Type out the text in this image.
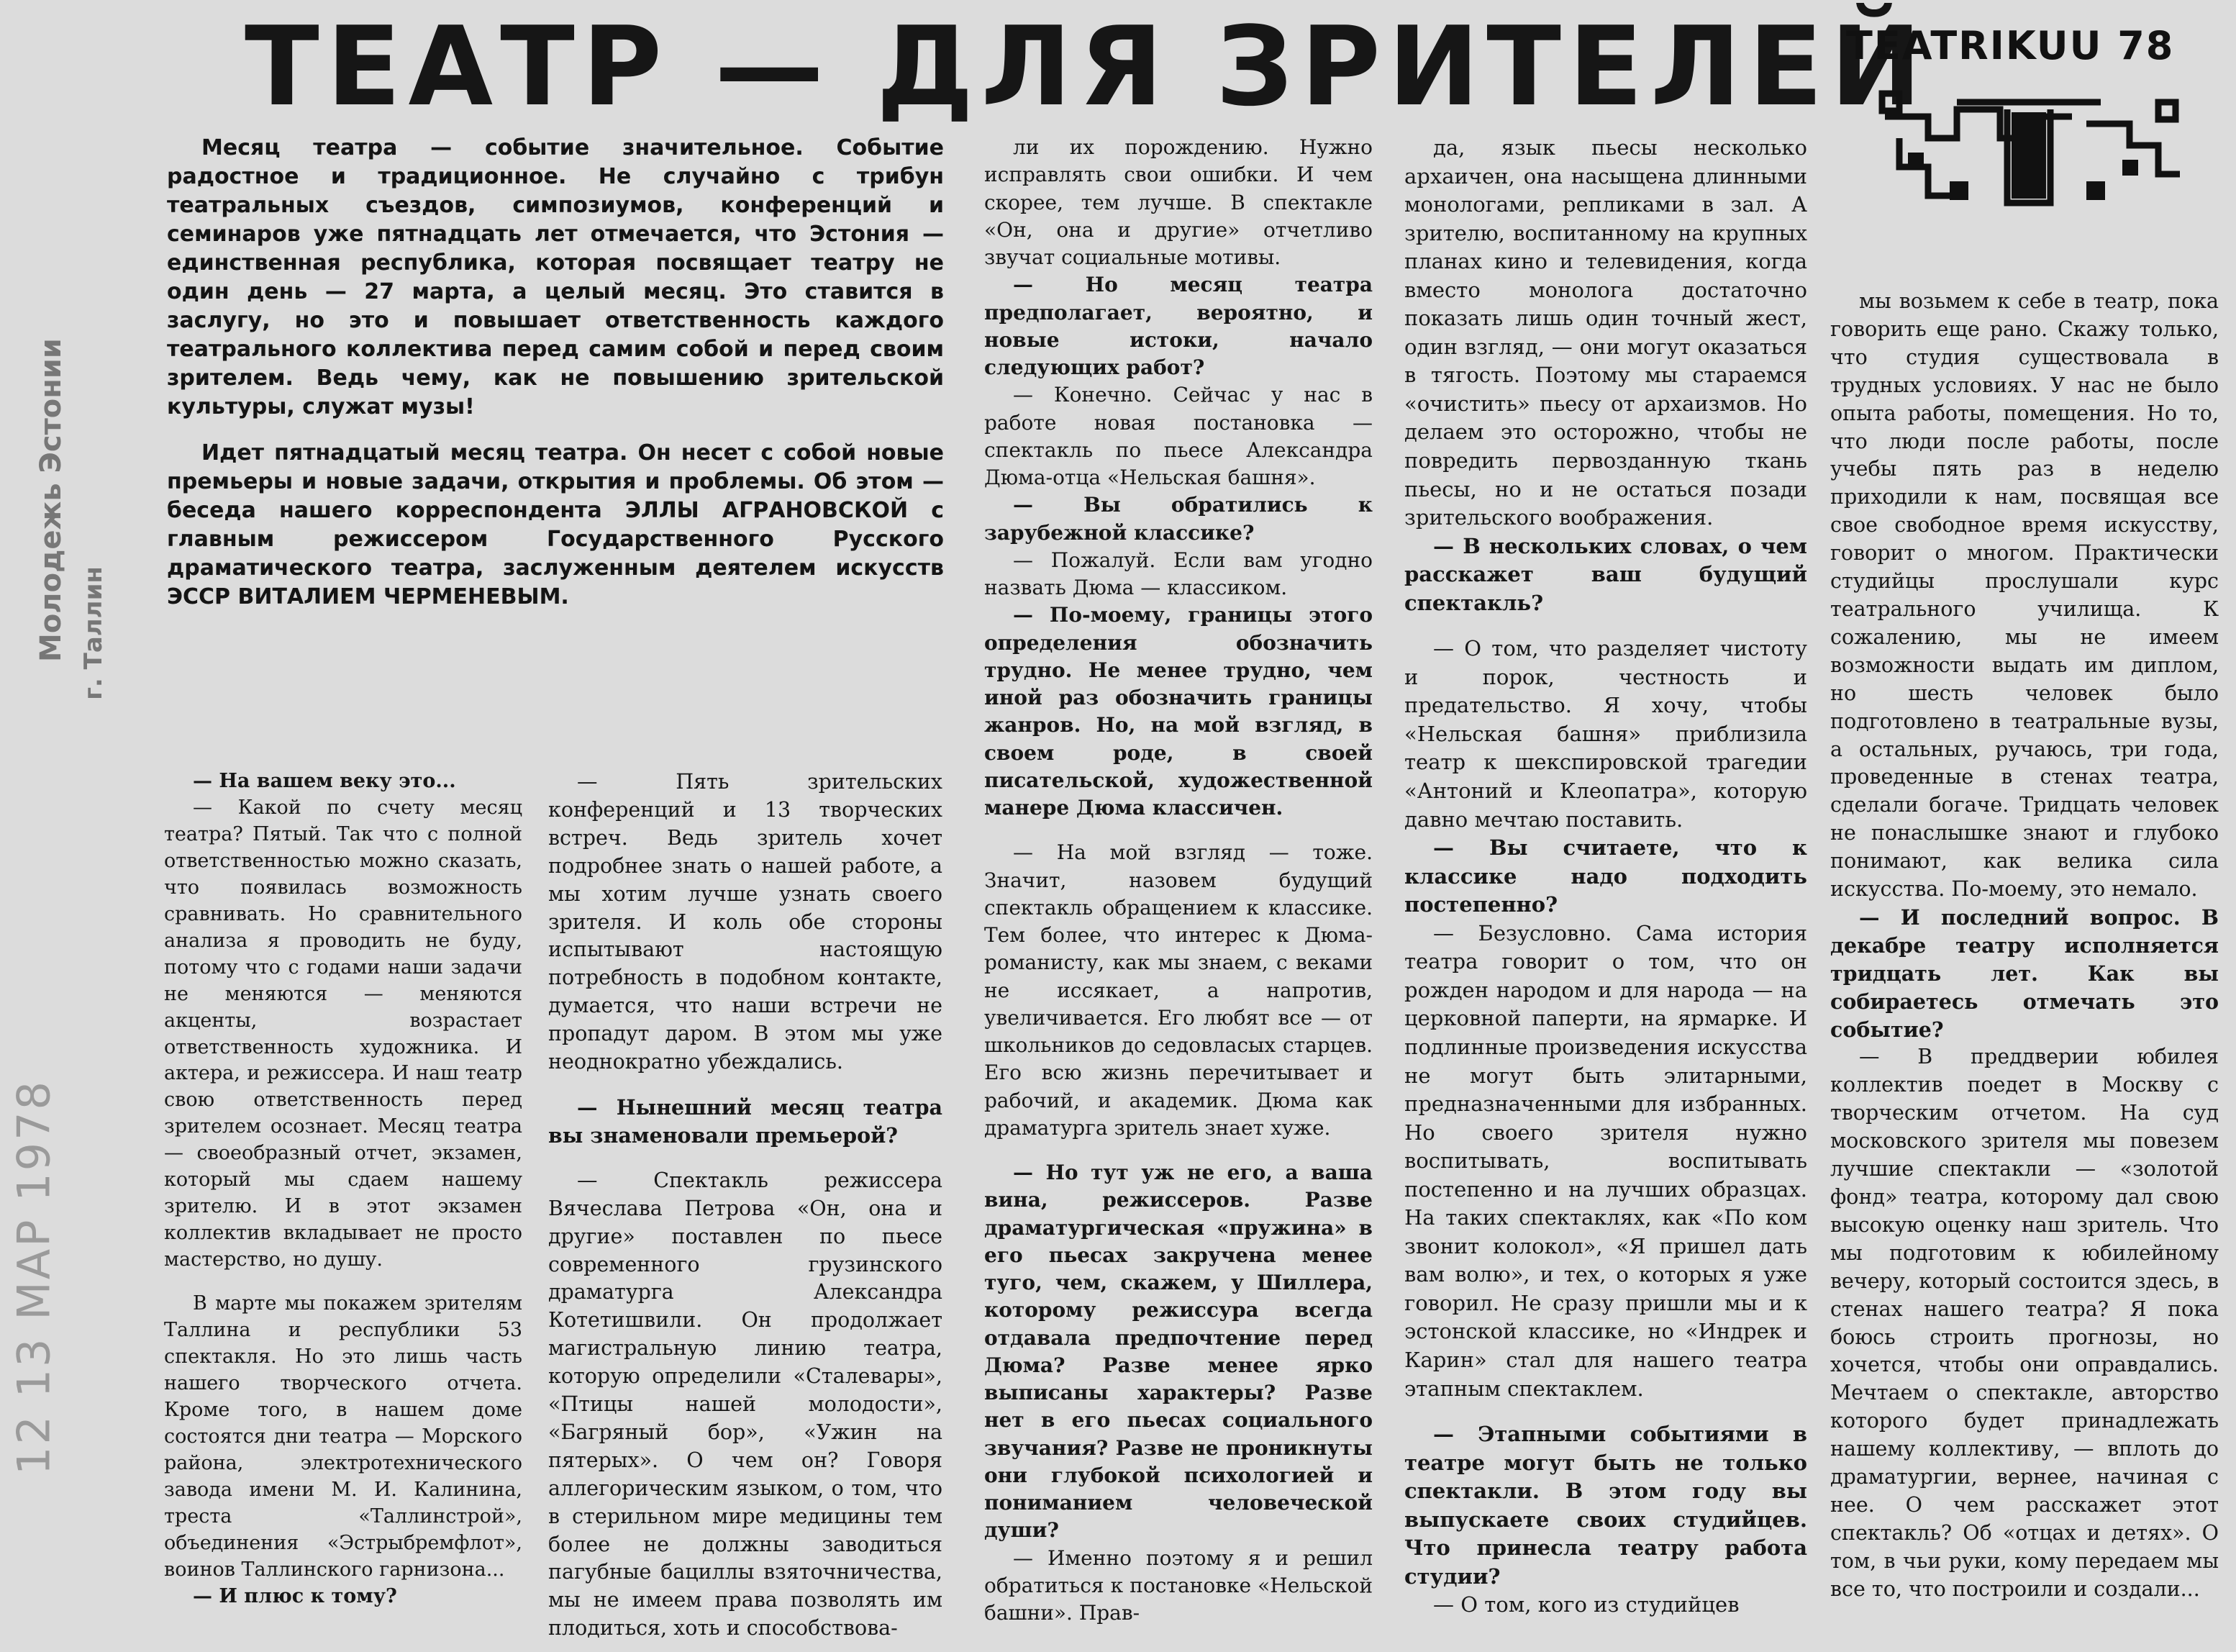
ТЕАТР — ДЛЯ ЗРИТЕЛЕЙ
TEATRIKUU 78
Молодежь Эстонии г. Таллин
12 13 МАР 1978

Месяц театра — событие значительное. Событие радостное и традиционное. Не случайно с трибун театральных съездов, симпозиумов, конференций и семинаров уже пятнадцать лет отмечается, что Эстония — единственная республика, которая посвящает театру не один день — 27 марта, а целый месяц. Это ставится в заслугу, но это и повышает ответственность каждого театрального коллектива перед самим собой и перед своим зрителем. Ведь чему, как не повышению зрительской культуры, служат музы!

Идет пятнадцатый месяц театра. Он несет с собой новые премьеры и новые задачи, открытия и проблемы. Об этом — беседа нашего корреспондента ЭЛЛЫ АГРАНОВСКОЙ с главным режиссером Государственного Русского драматического театра, заслуженным деятелем искусств ЭССР ВИТАЛИЕМ ЧЕРМЕНЕВЫМ.

— На вашем веку это...

— Какой по счету месяц театра? Пятый. Так что с полной ответственностью можно сказать, что появилась возможность сравнивать. Но сравнительного анализа я проводить не буду, потому что с годами наши задачи не меняются — меняются акценты, возрастает ответственность художника. И актера, и режиссера. И наш театр свою ответственность перед зрителем осознает. Месяц театра — своеобразный отчет, экзамен, который мы сдаем нашему зрителю. И в этот экзамен коллектив вкладывает не просто мастерство, но душу.

В марте мы покажем зрителям Таллина и республики 53 спектакля. Но это лишь часть нашего творческого отчета. Кроме того, в нашем доме состоятся дни театра — Морского района, электротехнического завода имени М. И. Калинина, треста «Таллинстрой», объединения «Эстрыбремфлот», воинов Таллинского гарнизона...

— И плюс к тому?

— Пять зрительских конференций и 13 творческих встреч. Ведь зритель хочет подробнее знать о нашей работе, а мы хотим лучше узнать своего зрителя. И коль обе стороны испытывают настоящую потребность в подобном контакте, думается, что наши встречи не пропадут даром. В этом мы уже неоднократно убеждались.

— Нынешний месяц театра вы знаменовали премьерой?

— Спектакль режиссера Вячеслава Петрова «Он, она и другие» поставлен по пьесе современного грузинского драматурга Александра Котетишвили. Он продолжает магистральную линию театра, которую определили «Сталевары», «Птицы нашей молодости», «Багряный бор», «Ужин на пятерых». О чем он? Говоря аллегорическим языком, о том, что в стерильном мире медицины тем более не должны заводиться пагубные бациллы взяточничества, мы не имеем права позволять им плодиться, хоть и способствова-

ли их порождению. Нужно исправлять свои ошибки. И чем скорее, тем лучше. В спектакле «Он, она и другие» отчетливо звучат социальные мотивы.

— Но месяц театра предполагает, вероятно, и новые истоки, начало следующих работ?

— Конечно. Сейчас у нас в работе новая постановка — спектакль по пьесе Александра Дюма-отца «Нельская башня».

— Вы обратились к зарубежной классике?

— Пожалуй. Если вам угодно назвать Дюма — классиком.

— По-моему, границы этого определения обозначить трудно. Не менее трудно, чем иной раз обозначить границы жанров. Но, на мой взгляд, в своем роде, в своей писательской, художественной манере Дюма классичен.

— На мой взгляд — тоже. Значит, назовем будущий спектакль обращением к классике. Тем более, что интерес к Дюма-романисту, как мы знаем, с веками не иссякает, а напротив, увеличивается. Его любят все — от школьников до седовласых старцев. Его всю жизнь перечитывает и рабочий, и академик. Дюма как драматурга зритель знает хуже.

— Но тут уж не его, а ваша вина, режиссеров. Разве драматургическая «пружина» в его пьесах закручена менее туго, чем, скажем, у Шиллера, которому режиссура всегда отдавала предпочтение перед Дюма? Разве менее ярко выписаны характеры? Разве нет в его пьесах социального звучания? Разве не проникнуты они глубокой психологией и пониманием человеческой души?

— Именно поэтому я и решил обратиться к постановке «Нельской башни». Прав-

да, язык пьесы несколько архаичен, она насыщена длинными монологами, репликами в зал. А зрителю, воспитанному на крупных планах кино и телевидения, когда вместо монолога достаточно показать лишь один точный жест, один взгляд, — они могут оказаться в тягость. Поэтому мы стараемся «очистить» пьесу от архаизмов. Но делаем это осторожно, чтобы не повредить первозданную ткань пьесы, но и не остаться позади зрительского воображения.

— В нескольких словах, о чем расскажет ваш будущий спектакль?

— О том, что разделяет чистоту и порок, честность и предательство. Я хочу, чтобы «Нельская башня» приблизила театр к шекспировской трагедии «Антоний и Клеопатра», которую давно мечтаю поставить.

— Вы считаете, что к классике надо подходить постепенно?

— Безусловно. Сама история театра говорит о том, что он рожден народом и для народа — на церковной паперти, на ярмарке. И подлинные произведения искусства не могут быть элитарными, предназначенными для избранных. Но своего зрителя нужно воспитывать, воспитывать постепенно и на лучших образцах. На таких спектаклях, как «По ком звонит колокол», «Я пришел дать вам волю», и тех, о которых я уже говорил. Не сразу пришли мы и к эстонской классике, но «Индрек и Карин» стал для нашего театра этапным спектаклем.

— Этапными событиями в театре могут быть не только спектакли. В этом году вы выпускаете своих студийцев. Что принесла театру работа студии?

— О том, кого из студийцев

мы возьмем к себе в театр, пока говорить еще рано. Скажу только, что студия существовала в трудных условиях. У нас не было опыта работы, помещения. Но то, что люди после работы, после учебы пять раз в неделю приходили к нам, посвящая все свое свободное время искусству, говорит о многом. Практически студийцы прослушали курс театрального училища. К сожалению, мы не имеем возможности выдать им диплом, но шесть человек было подготовлено в театральные вузы, а остальных, ручаюсь, три года, проведенные в стенах театра, сделали богаче. Тридцать человек не понаслышке знают и глубоко понимают, как велика сила искусства. По-моему, это немало.

— И последний вопрос. В декабре театру исполняется тридцать лет. Как вы собираетесь отмечать это событие?

— В преддверии юбилея коллектив поедет в Москву с творческим отчетом. На суд московского зрителя мы повезем лучшие спектакли — «золотой фонд» театра, которому дал свою высокую оценку наш зритель. Что мы подготовим к юбилейному вечеру, который состоится здесь, в стенах нашего театра? Я пока боюсь строить прогнозы, но хочется, чтобы они оправдались. Мечтаем о спектакле, авторство которого будет принадлежать нашему коллективу, — вплоть до драматургии, вернее, начиная с нее. О чем расскажет этот спектакль? Об «отцах и детях». О том, в чьи руки, кому передаем мы все то, что построили и создали...
